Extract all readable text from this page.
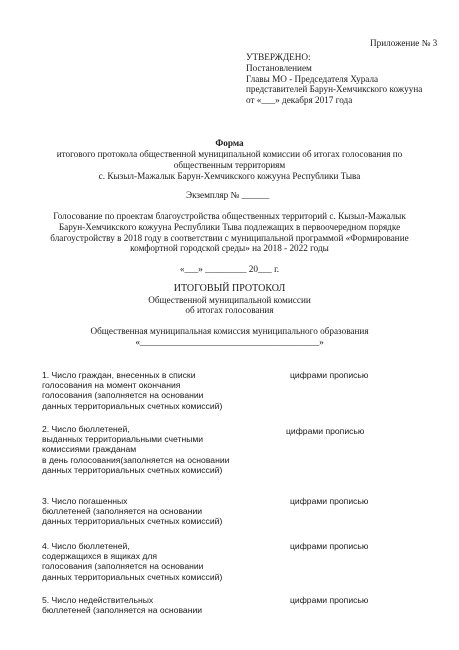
Приложение № 3
УТВЕРЖДЕНО:
Постановлением
Главы МО - Председателя Хурала
представителей Барун-Хемчикского кожууна
от «___» декабря 2017 года
Форма
итогового протокола общественной муниципальной комиссии об итогах голосования по
общественным территориям
с. Кызыл-Мажалык Барун-Хемчикского кожууна Республики Тыва
Экземпляр № ______
Голосование по проектам благоустройства общественных территорий с. Кызыл-Мажалык
Барун-Хемчикского кожууна Республики Тыва подлежащих в первоочередном порядке
благоустройству в 2018 году в соответствии с муниципальной программой «Формирование
комфортной городской среды» на 2018 - 2022 годы
«___» _________ 20___ г.
ИТОГОВЫЙ ПРОТОКОЛ
Общественной муниципальной комиссии
об итогах голосования
Общественная муниципальная комиссия муниципального образования
«_______________________________________»
1. Число граждан, внесенных в списки
голосования на момент окончания
голосования (заполняется на основании
данных территориальных счетных комиссий)
цифрами прописью
2. Число бюллетеней,
выданных территориальными счетными
комиссиями гражданам
в день голосования(заполняется на основании
данных территориальных счетных комиссий)
цифрами прописью
3. Число погашенных
бюллетеней (заполняется на основании
данных территориальных счетных комиссий)
цифрами прописью
4. Число бюллетеней,
содержащихся в ящиках для
голосования (заполняется на основании
данных территориальных счетных комиссий)
цифрами прописью
5. Число недействительных
бюллетеней (заполняется на основании
цифрами прописью
